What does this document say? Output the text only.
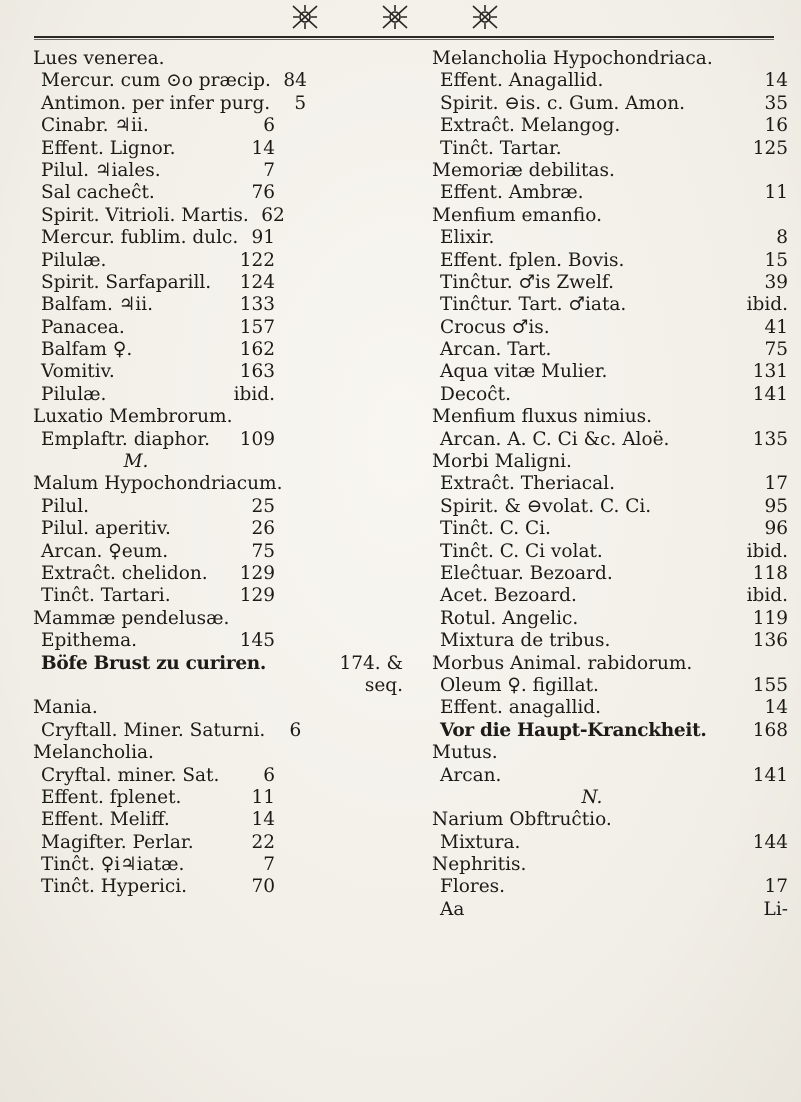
Lues venerea.
Mercur. cum ⊙o præcip. 84
Antimon. per infer purg.	5
Cinabr. ♃ii.	6
Effent. Lignor.	14
Pilul. ♃iales.	7
Sal cacheĉt.	76
Spirit. Vitrioli. Martis. 62
Mercur. fublim. dulc. 91
Pilulæ.	122
Spirit. Sarfaparill. 124
Balfam. ♃ii.	133
Panacea.	157
Balfam ♀.	162
Vomitiv.	163
Pilulæ.	ibid.
Luxatio Membrorum.
Emplaftr. diaphor. 109
M.
Malum Hypochondriacum.
Pilul.	25
Pilul. aperitiv.	26
Arcan. ♀eum.	75
Extraĉt. chelidon. 129
Tinĉt. Tartari.	129
Mammæ pendelusæ.
Epithema.	145
Böfe Brust zu curiren.	174. &
seq.
Mania.
Cryftall. Miner. Saturni.	6
Melancholia.
Cryftal. miner. Sat.	6
Effent. fplenet.	11
Effent. Meliff.	14
Magifter. Perlar.	22
Tinĉt. ♀i♃iatæ.	7
Tinĉt. Hyperici.	70
Melancholia Hypochondriaca.
Effent. Anagallid.	14
Spirit. ⊖is. c. Gum. Amon.	35
Extraĉt. Melangog.	16
Tinĉt. Tartar.	125
Memoriæ debilitas.
Effent. Ambræ.	11
Menfium emanfio.
Elixir.	8
Effent. fplen. Bovis.	15
Tinĉtur. ♂is Zwelf.	39
Tinĉtur. Tart. ♂iata.	ibid.
Crocus ♂is.	41
Arcan. Tart.	75
Aqua vitæ Mulier.	131
Decoĉt.	141
Menfium fluxus nimius.
Arcan. A. C. Ci &c. Aloë.	135
Morbi Maligni.
Extraĉt. Theriacal.	17
Spirit. & ⊖volat. C. Ci.	95
Tinĉt. C. Ci.	96
Tinĉt. C. Ci volat.	ibid.
Eleĉtuar. Bezoard.	118
Acet. Bezoard.	ibid.
Rotul. Angelic.	119
Mixtura de tribus.	136
Morbus Animal. rabidorum.
Oleum ♀. figillat.	155
Effent. anagallid.	14
Vor die Haupt-Kranckheit. 168
Mutus.
Arcan.	141
N.
Narium Obftruĉtio.
Mixtura.	144
Nephritis.
Flores.	17
Aa	Li-
